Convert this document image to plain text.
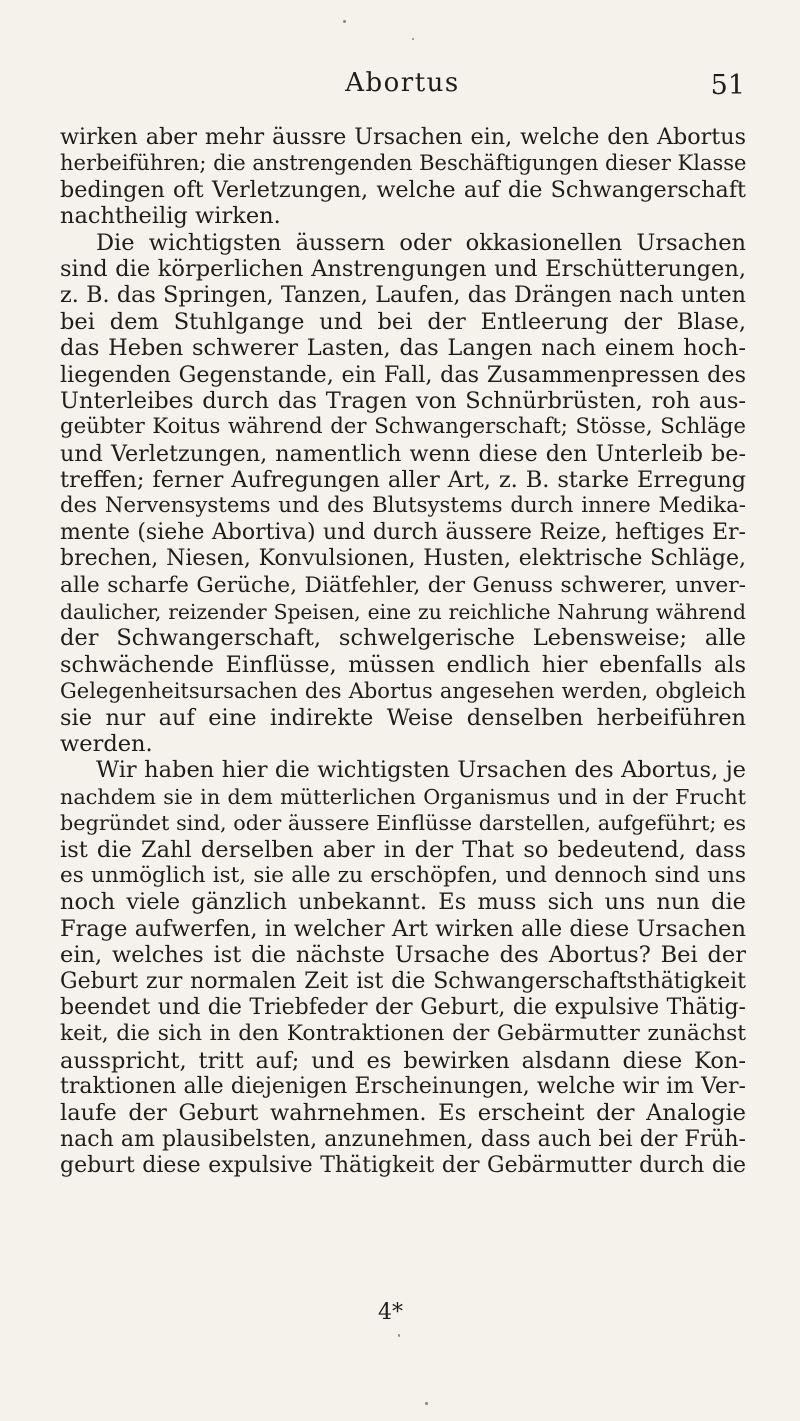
Abortus	51
wirken aber mehr äussre Ursachen ein, welche den Abortus
herbeiführen; die anstrengenden Beschäftigungen dieser Klasse
bedingen oft Verletzungen, welche auf die Schwangerschaft
nachtheilig wirken.
Die wichtigsten äussern oder okkasionellen Ursachen
sind die körperlichen Anstrengungen und Erschütterungen,
z. B. das Springen, Tanzen, Laufen, das Drängen nach unten
bei dem Stuhlgange und bei der Entleerung der Blase,
das Heben schwerer Lasten, das Langen nach einem hoch-
liegenden Gegenstande, ein Fall, das Zusammenpressen des
Unterleibes durch das Tragen von Schnürbrüsten, roh aus-
geübter Koitus während der Schwangerschaft; Stösse, Schläge
und Verletzungen, namentlich wenn diese den Unterleib be-
treffen; ferner Aufregungen aller Art, z. B. starke Erregung
des Nervensystems und des Blutsystems durch innere Medika-
mente (siehe Abortiva) und durch äussere Reize, heftiges Er-
brechen, Niesen, Konvulsionen, Husten, elektrische Schläge,
alle scharfe Gerüche, Diätfehler, der Genuss schwerer, unver-
daulicher, reizender Speisen, eine zu reichliche Nahrung während
der Schwangerschaft, schwelgerische Lebensweise; alle
schwächende Einflüsse, müssen endlich hier ebenfalls als
Gelegenheitsursachen des Abortus angesehen werden, obgleich
sie nur auf eine indirekte Weise denselben herbeiführen
werden.
Wir haben hier die wichtigsten Ursachen des Abortus, je
nachdem sie in dem mütterlichen Organismus und in der Frucht
begründet sind, oder äussere Einflüsse darstellen, aufgeführt; es
ist die Zahl derselben aber in der That so bedeutend, dass
es unmöglich ist, sie alle zu erschöpfen, und dennoch sind uns
noch viele gänzlich unbekannt. Es muss sich uns nun die
Frage aufwerfen, in welcher Art wirken alle diese Ursachen
ein, welches ist die nächste Ursache des Abortus? Bei der
Geburt zur normalen Zeit ist die Schwangerschaftsthätigkeit
beendet und die Triebfeder der Geburt, die expulsive Thätig-
keit, die sich in den Kontraktionen der Gebärmutter zunächst
ausspricht, tritt auf; und es bewirken alsdann diese Kon-
traktionen alle diejenigen Erscheinungen, welche wir im Ver-
laufe der Geburt wahrnehmen. Es erscheint der Analogie
nach am plausibelsten, anzunehmen, dass auch bei der Früh-
geburt diese expulsive Thätigkeit der Gebärmutter durch die
4*
